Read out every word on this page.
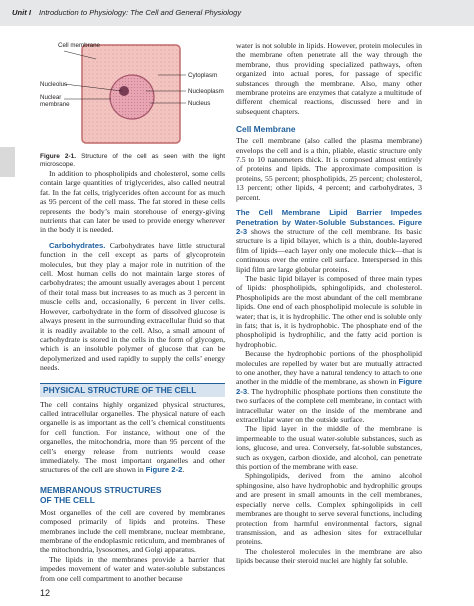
Unit I Introduction to Physiology: The Cell and General Physiology
Cell membrane
Nucleolus
Nuclear membrane
Cytoplasm
Nucleoplasm
Nucleus

Figure 2-1. Structure of the cell as seen with the light microscope.

In addition to phospholipids and cholesterol, some cells contain large quantities of triglycerides, also called neutral fat. In the fat cells, triglycerides often account for as much as 95 percent of the cell mass. The fat stored in these cells represents the body’s main storehouse of energy-giving nutrients that can later be used to provide energy wherever in the body it is needed.

Carbohydrates. Carbohydrates have little structural function in the cell except as parts of glycoprotein molecules, but they play a major role in nutrition of the cell. Most human cells do not maintain large stores of carbohydrates; the amount usually averages about 1 percent of their total mass but increases to as much as 3 percent in muscle cells and, occasionally, 6 percent in liver cells. However, carbohydrate in the form of dissolved glucose is always present in the surrounding extracellular fluid so that it is readily available to the cell. Also, a small amount of carbohydrate is stored in the cells in the form of glycogen, which is an insoluble polymer of glucose that can be depolymerized and used rapidly to supply the cells’ energy needs.

PHYSICAL STRUCTURE OF THE CELL

The cell contains highly organized physical structures, called intracellular organelles. The physical nature of each organelle is as important as the cell’s chemical constituents for cell function. For instance, without one of the organelles, the mitochondria, more than 95 percent of the cell’s energy release from nutrients would cease immediately. The most important organelles and other structures of the cell are shown in Figure 2-2.

MEMBRANOUS STRUCTURES
OF THE CELL

Most organelles of the cell are covered by membranes composed primarily of lipids and proteins. These membranes include the cell membrane, nuclear membrane, membrane of the endoplasmic reticulum, and membranes of the mitochondria, lysosomes, and Golgi apparatus.

The lipids in the membranes provide a barrier that impedes movement of water and water-soluble substances from one cell compartment to another because

water is not soluble in lipids. However, protein molecules in the membrane often penetrate all the way through the membrane, thus providing specialized pathways, often organized into actual pores, for passage of specific substances through the membrane. Also, many other membrane proteins are enzymes that catalyze a multitude of different chemical reactions, discussed here and in subsequent chapters.

Cell Membrane

The cell membrane (also called the plasma membrane) envelops the cell and is a thin, pliable, elastic structure only 7.5 to 10 nanometers thick. It is composed almost entirely of proteins and lipids. The approximate composition is proteins, 55 percent; phospholipids, 25 percent; cholesterol, 13 percent; other lipids, 4 percent; and carbohydrates, 3 percent.

The Cell Membrane Lipid Barrier Impedes Penetration by Water-Soluble Substances. Figure 2-3 shows the structure of the cell membrane. Its basic structure is a lipid bilayer, which is a thin, double-layered film of lipids—each layer only one molecule thick—that is continuous over the entire cell surface. Interspersed in this lipid film are large globular proteins.

The basic lipid bilayer is composed of three main types of lipids: phospholipids, sphingolipids, and cholesterol. Phospholipids are the most abundant of the cell membrane lipids. One end of each phospholipid molecule is soluble in water; that is, it is hydrophilic. The other end is soluble only in fats; that is, it is hydrophobic. The phosphate end of the phospholipid is hydrophilic, and the fatty acid portion is hydrophobic.

Because the hydrophobic portions of the phospholipid molecules are repelled by water but are mutually attracted to one another, they have a natural tendency to attach to one another in the middle of the membrane, as shown in Figure 2-3. The hydrophilic phosphate portions then constitute the two surfaces of the complete cell membrane, in contact with intracellular water on the inside of the membrane and extracellular water on the outside surface.

The lipid layer in the middle of the membrane is impermeable to the usual water-soluble substances, such as ions, glucose, and urea. Conversely, fat-soluble substances, such as oxygen, carbon dioxide, and alcohol, can penetrate this portion of the membrane with ease.

Sphingolipids, derived from the amino alcohol sphingosine, also have hydrophobic and hydrophilic groups and are present in small amounts in the cell membranes, especially nerve cells. Complex sphingolipids in cell membranes are thought to serve several functions, including protection from harmful environmental factors, signal transmission, and as adhesion sites for extracellular proteins.

The cholesterol molecules in the membrane are also lipids because their steroid nuclei are highly fat soluble.

12
